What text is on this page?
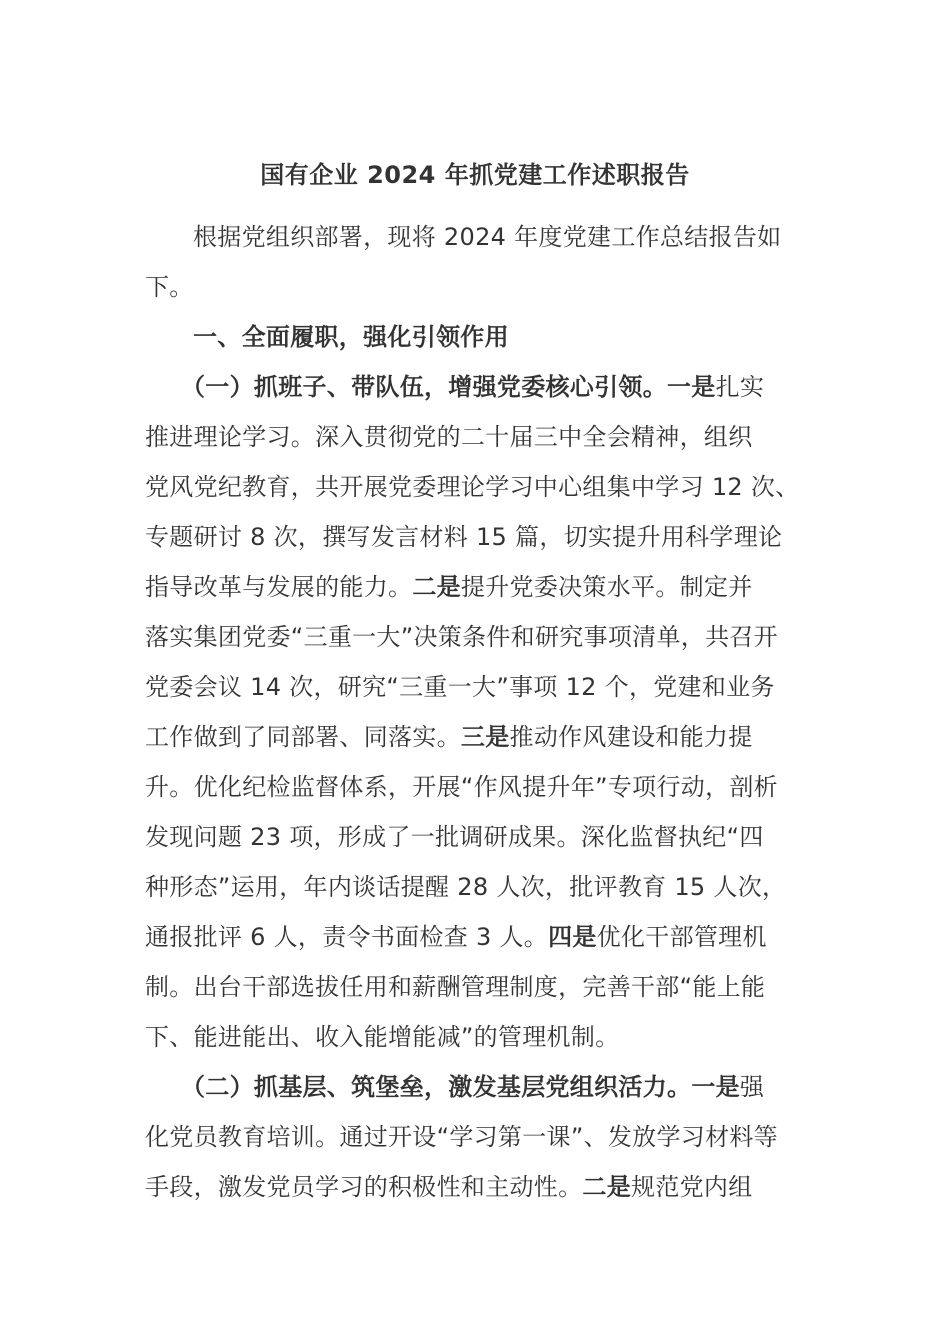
国有企业 2024 年抓党建工作述职报告
根据党组织部署，现将 2024 年度党建工作总结报告如
下。
一、全面履职，强化引领作用
（一）抓班子、带队伍，增强党委核心引领。一是扎实
推进理论学习。深入贯彻党的二十届三中全会精神，组织
党风党纪教育，共开展党委理论学习中心组集中学习 12 次、
专题研讨 8 次，撰写发言材料 15 篇，切实提升用科学理论
指导改革与发展的能力。二是提升党委决策水平。制定并
落实集团党委“三重一大”决策条件和研究事项清单，共召开
党委会议 14 次，研究“三重一大”事项 12 个，党建和业务
工作做到了同部署、同落实。三是推动作风建设和能力提
升。优化纪检监督体系，开展“作风提升年”专项行动，剖析
发现问题 23 项，形成了一批调研成果。深化监督执纪“四
种形态”运用，年内谈话提醒 28 人次，批评教育 15 人次，
通报批评 6 人，责令书面检查 3 人。四是优化干部管理机
制。出台干部选拔任用和薪酬管理制度，完善干部“能上能
下、能进能出、收入能增能减”的管理机制。
（二）抓基层、筑堡垒，激发基层党组织活力。一是强
化党员教育培训。通过开设“学习第一课”、发放学习材料等
手段，激发党员学习的积极性和主动性。二是规范党内组
